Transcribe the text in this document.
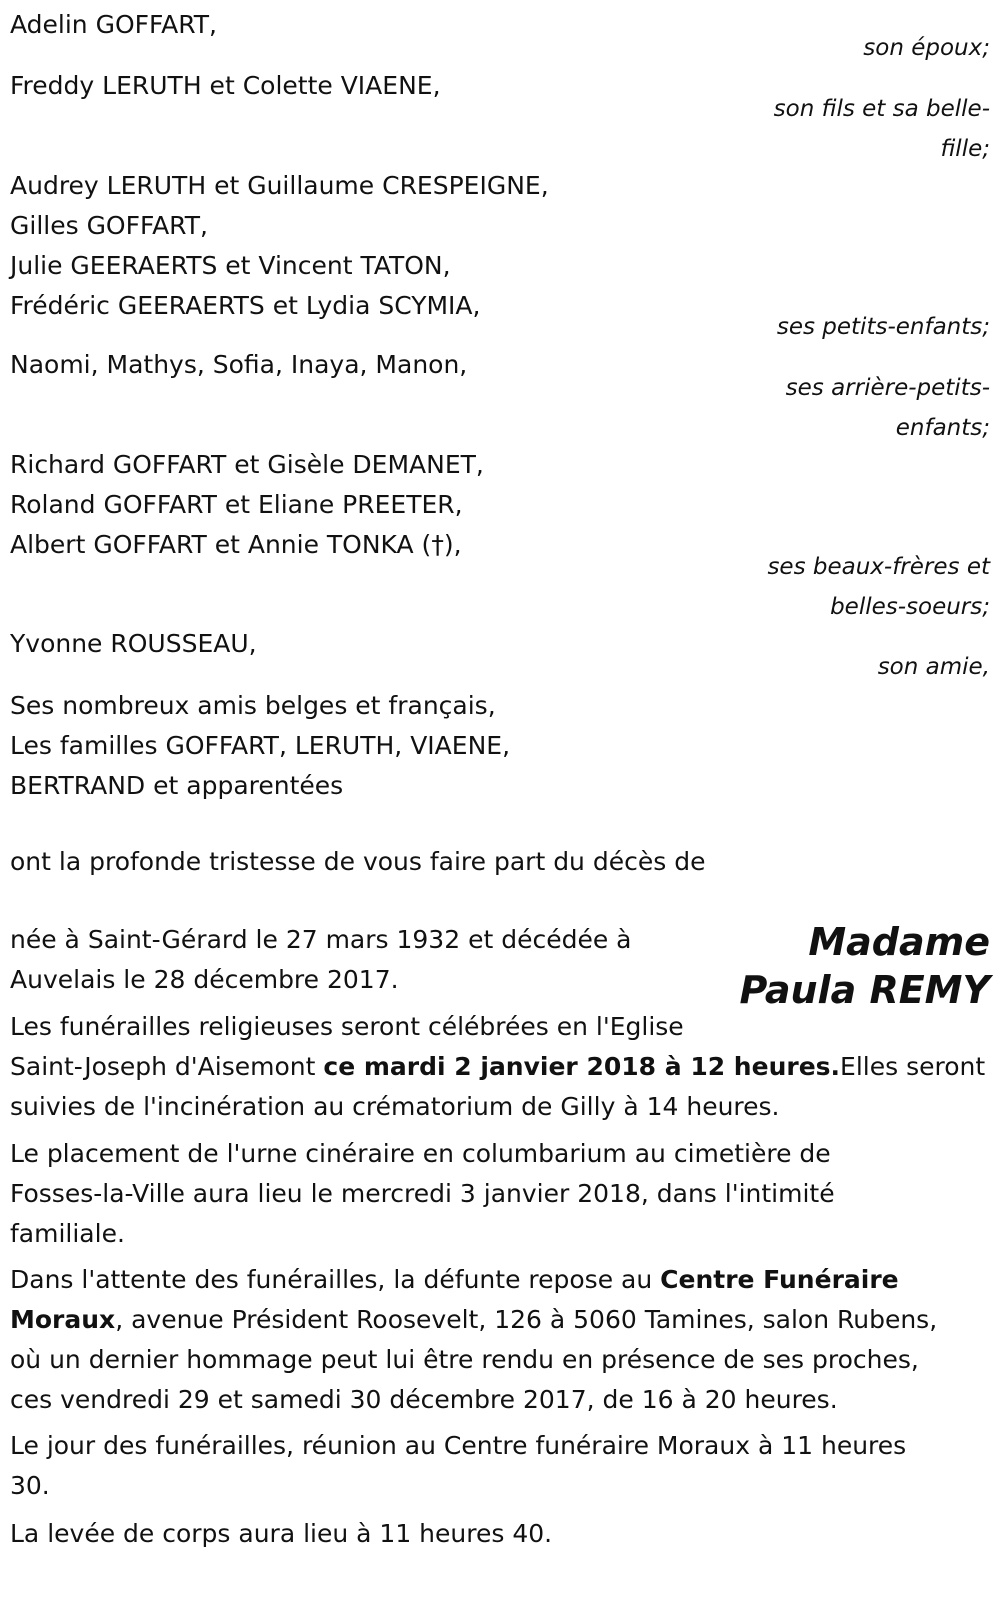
Adelin GOFFART,
son époux;
Freddy LERUTH et Colette VIAENE,
son fils et sa belle-
fille;
Audrey LERUTH et Guillaume CRESPEIGNE,
Gilles GOFFART,
Julie GEERAERTS et Vincent TATON,
Frédéric GEERAERTS et Lydia SCYMIA,
ses petits-enfants;
Naomi, Mathys, Sofia, Inaya, Manon,
ses arrière-petits-
enfants;
Richard GOFFART et Gisèle DEMANET,
Roland GOFFART et Eliane PREETER,
Albert GOFFART et Annie TONKA (†),
ses beaux-frères et
belles-soeurs;
Yvonne ROUSSEAU,
son amie,
Ses nombreux amis belges et français,
Les familles GOFFART, LERUTH, VIAENE,
BERTRAND et apparentées
ont la profonde tristesse de vous faire part du décès de
Madame
Paula REMY
née à Saint-Gérard le 27 mars 1932 et décédée à
Auvelais le 28 décembre 2017.
Les funérailles religieuses seront célébrées en l'Eglise
Saint-Joseph d'Aisemont ce mardi 2 janvier 2018 à 12 heures.Elles seront
suivies de l'incinération au crématorium de Gilly à 14 heures.
Le placement de l'urne cinéraire en columbarium au cimetière de
Fosses-la-Ville aura lieu le mercredi 3 janvier 2018, dans l'intimité
familiale.
Dans l'attente des funérailles, la défunte repose au Centre Funéraire
Moraux, avenue Président Roosevelt, 126 à 5060 Tamines, salon Rubens,
où un dernier hommage peut lui être rendu en présence de ses proches,
ces vendredi 29 et samedi 30 décembre 2017, de 16 à 20 heures.
Le jour des funérailles, réunion au Centre funéraire Moraux à 11 heures
30.
La levée de corps aura lieu à 11 heures 40.
